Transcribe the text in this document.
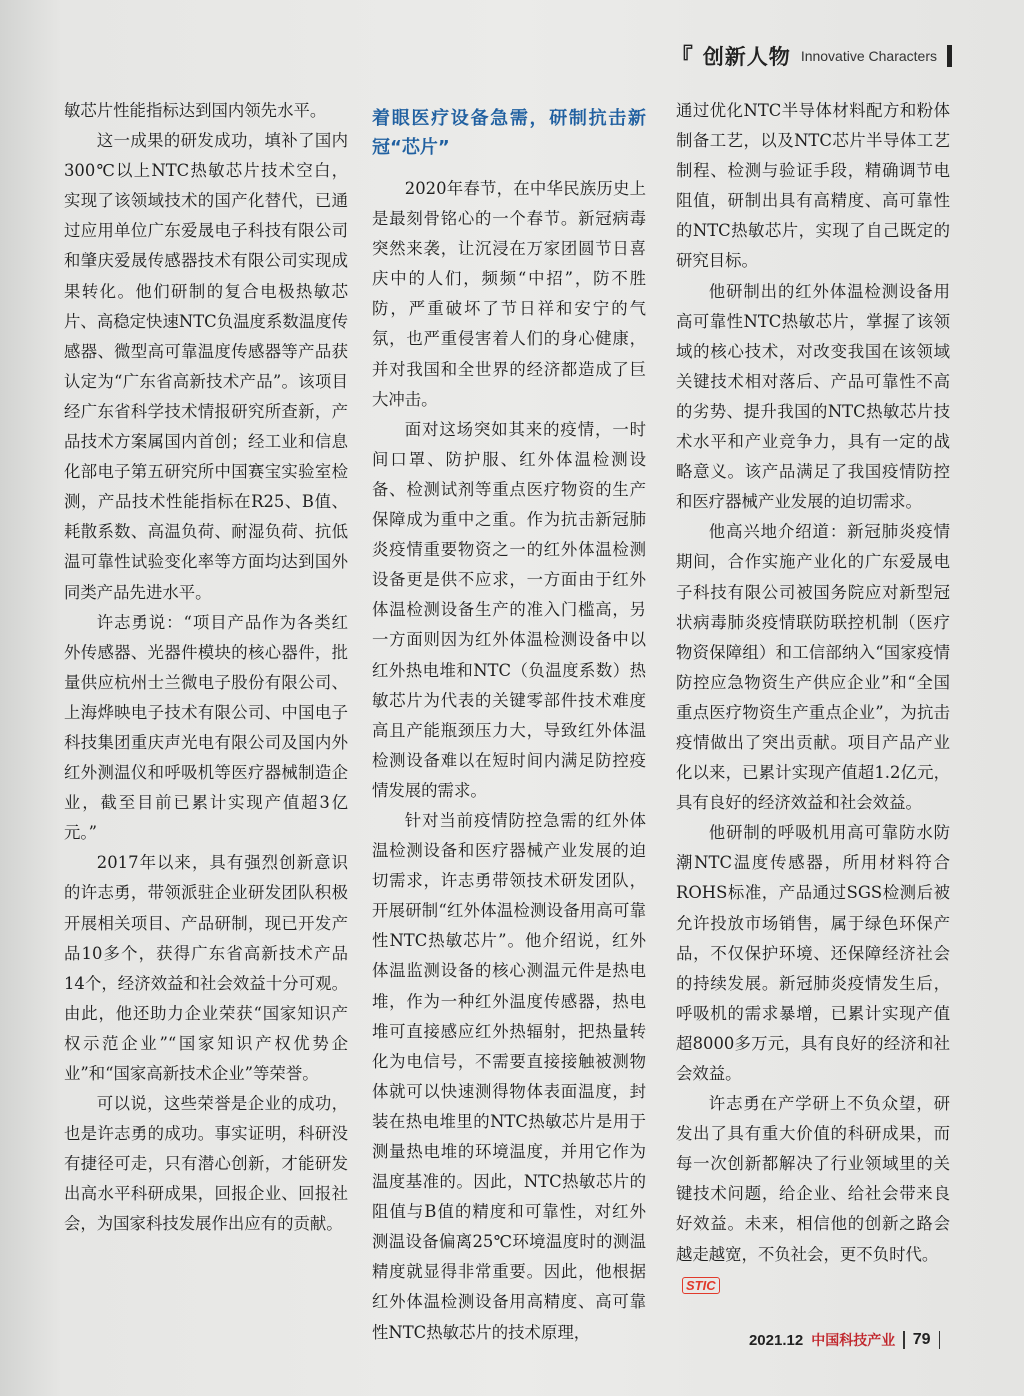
『 创新人物 Innovative Characters

敏芯片性能指标达到国内领先水平。

这一成果的研发成功，填补了国内300℃以上NTC热敏芯片技术空白，实现了该领域技术的国产化替代，已通过应用单位广东爱晟电子科技有限公司和肇庆爱晟传感器技术有限公司实现成果转化。他们研制的复合电极热敏芯片、高稳定快速NTC负温度系数温度传感器、微型高可靠温度传感器等产品获认定为“广东省高新技术产品”。该项目经广东省科学技术情报研究所查新，产品技术方案属国内首创；经工业和信息化部电子第五研究所中国赛宝实验室检测，产品技术性能指标在R25、B值、耗散系数、高温负荷、耐湿负荷、抗低温可靠性试验变化率等方面均达到国外同类产品先进水平。

许志勇说：“项目产品作为各类红外传感器、光器件模块的核心器件，批量供应杭州士兰微电子股份有限公司、上海烨映电子技术有限公司、中国电子科技集团重庆声光电有限公司及国内外红外测温仪和呼吸机等医疗器械制造企业，截至目前已累计实现产值超3亿元。”

2017年以来，具有强烈创新意识的许志勇，带领派驻企业研发团队积极开展相关项目、产品研制，现已开发产品10多个，获得广东省高新技术产品14个，经济效益和社会效益十分可观。由此，他还助力企业荣获“国家知识产权示范企业”“国家知识产权优势企业”和“国家高新技术企业”等荣誉。

可以说，这些荣誉是企业的成功，也是许志勇的成功。事实证明，科研没有捷径可走，只有潜心创新，才能研发出高水平科研成果，回报企业、回报社会，为国家科技发展作出应有的贡献。

着眼医疗设备急需，研制抗击新冠“芯片”

2020年春节，在中华民族历史上是最刻骨铭心的一个春节。新冠病毒突然来袭，让沉浸在万家团圆节日喜庆中的人们，频频“中招”，防不胜防，严重破坏了节日祥和安宁的气氛，也严重侵害着人们的身心健康，并对我国和全世界的经济都造成了巨大冲击。

面对这场突如其来的疫情，一时间口罩、防护服、红外体温检测设备、检测试剂等重点医疗物资的生产保障成为重中之重。作为抗击新冠肺炎疫情重要物资之一的红外体温检测设备更是供不应求，一方面由于红外体温检测设备生产的准入门槛高，另一方面则因为红外体温检测设备中以红外热电堆和NTC（负温度系数）热敏芯片为代表的关键零部件技术难度高且产能瓶颈压力大，导致红外体温检测设备难以在短时间内满足防控疫情发展的需求。

针对当前疫情防控急需的红外体温检测设备和医疗器械产业发展的迫切需求，许志勇带领技术研发团队，开展研制“红外体温检测设备用高可靠性NTC热敏芯片”。他介绍说，红外体温监测设备的核心测温元件是热电堆，作为一种红外温度传感器，热电堆可直接感应红外热辐射，把热量转化为电信号，不需要直接接触被测物体就可以快速测得物体表面温度，封装在热电堆里的NTC热敏芯片是用于测量热电堆的环境温度，并用它作为温度基准的。因此，NTC热敏芯片的阻值与B值的精度和可靠性，对红外测温设备偏离25℃环境温度时的测温精度就显得非常重要。因此，他根据红外体温检测设备用高精度、高可靠性NTC热敏芯片的技术原理，

通过优化NTC半导体材料配方和粉体制备工艺，以及NTC芯片半导体工艺制程、检测与验证手段，精确调节电阻值，研制出具有高精度、高可靠性的NTC热敏芯片，实现了自己既定的研究目标。

他研制出的红外体温检测设备用高可靠性NTC热敏芯片，掌握了该领域的核心技术，对改变我国在该领域关键技术相对落后、产品可靠性不高的劣势、提升我国的NTC热敏芯片技术水平和产业竞争力，具有一定的战略意义。该产品满足了我国疫情防控和医疗器械产业发展的迫切需求。

他高兴地介绍道：新冠肺炎疫情期间，合作实施产业化的广东爱晟电子科技有限公司被国务院应对新型冠状病毒肺炎疫情联防联控机制（医疗物资保障组）和工信部纳入“国家疫情防控应急物资生产供应企业”和“全国重点医疗物资生产重点企业”，为抗击疫情做出了突出贡献。项目产品产业化以来，已累计实现产值超1.2亿元，具有良好的经济效益和社会效益。

他研制的呼吸机用高可靠防水防潮NTC温度传感器，所用材料符合ROHS标准，产品通过SGS检测后被允许投放市场销售，属于绿色环保产品，不仅保护环境、还保障经济社会的持续发展。新冠肺炎疫情发生后，呼吸机的需求暴增，已累计实现产值超8000多万元，具有良好的经济和社会效益。

许志勇在产学研上不负众望，研发出了具有重大价值的科研成果，而每一次创新都解决了行业领域里的关键技术问题，给企业、给社会带来良好效益。未来，相信他的创新之路会越走越宽，不负社会，更不负时代。

STIC

2021.12 中国科技产业 79
